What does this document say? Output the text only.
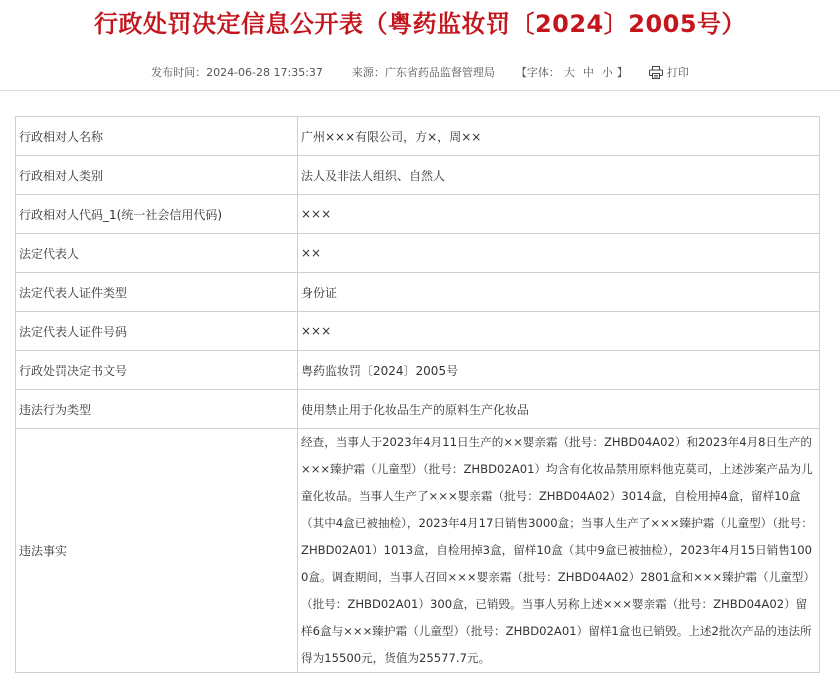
行政处罚决定信息公开表（粤药监妆罚〔2024〕2005号）
发布时间：2024-06-28 17:35:37	来源：广东省药品监督管理局 【字体： 大 中 小 】	打印
行政相对人名称	广州×××有限公司，方×，周××
行政相对人类别	法人及非法人组织、自然人
行政相对人代码_1(统一社会信用代码)	×××
法定代表人	××
法定代表人证件类型	身份证
法定代表人证件号码	×××
行政处罚决定书文号	粤药监妆罚〔2024〕2005号
违法行为类型	使用禁止用于化妆品生产的原料生产化妆品
违法事实	经查，当事人于2023年4月11日生产的××婴亲霜（批号：ZHBD04A02）和2023年4月8日生产的×××臻护霜（儿童型）（批号：ZHBD02A01）均含有化妆品禁用原料他克莫司，上述涉案产品为儿童化妆品。当事人生产了×××婴亲霜（批号：ZHBD04A02）3014盒，自检用掉4盒，留样10盒（其中4盒已被抽检），2023年4月17日销售3000盒；当事人生产了×××臻护霜（儿童型）（批号：ZHBD02A01）1013盒，自检用掉3盒，留样10盒（其中9盒已被抽检），2023年4月15日销售1000盒。调查期间，当事人召回×××婴亲霜（批号：ZHBD04A02）2801盒和×××臻护霜（儿童型）（批号：ZHBD02A01）300盒，已销毁。当事人另称上述×××婴亲霜（批号：ZHBD04A02）留样6盒与×××臻护霜（儿童型）（批号：ZHBD02A01）留样1盒也已销毁。上述2批次产品的违法所得为15500元，货值为25577.7元。
